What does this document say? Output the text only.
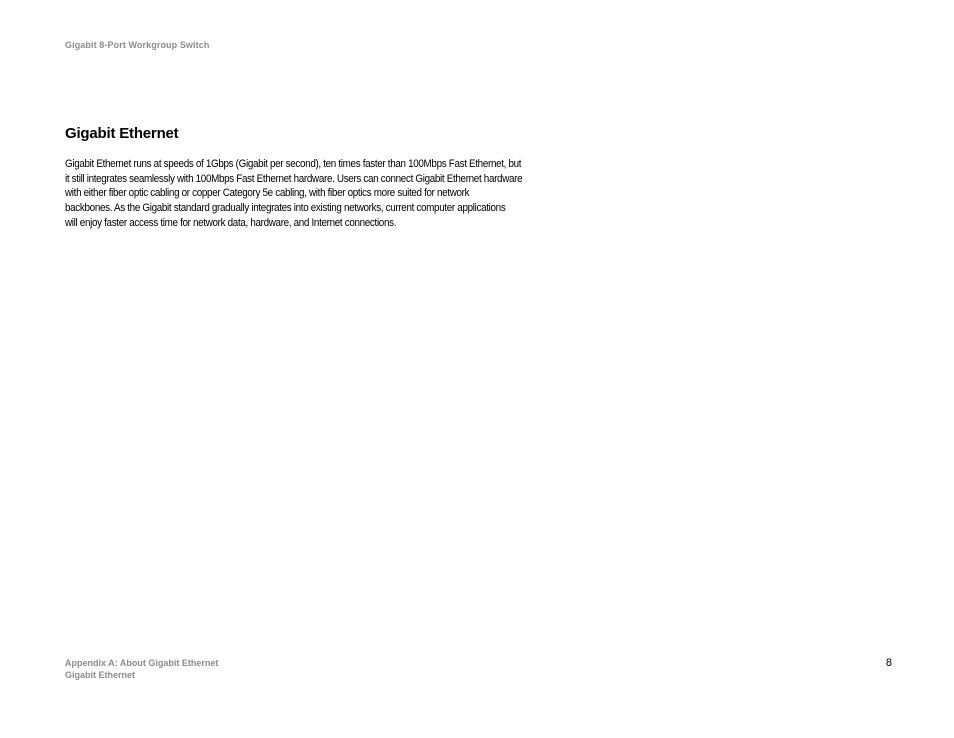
Gigabit 8-Port Workgroup Switch
Gigabit Ethernet

Gigabit Ethernet runs at speeds of 1Gbps (Gigabit per second), ten times faster than 100Mbps Fast Ethernet, but
it still integrates seamlessly with 100Mbps Fast Ethernet hardware. Users can connect Gigabit Ethernet hardware
with either fiber optic cabling or copper Category 5e cabling, with fiber optics more suited for network
backbones. As the Gigabit standard gradually integrates into existing networks, current computer applications
will enjoy faster access time for network data, hardware, and Internet connections.

Appendix A: About Gigabit Ethernet
Gigabit Ethernet
8
